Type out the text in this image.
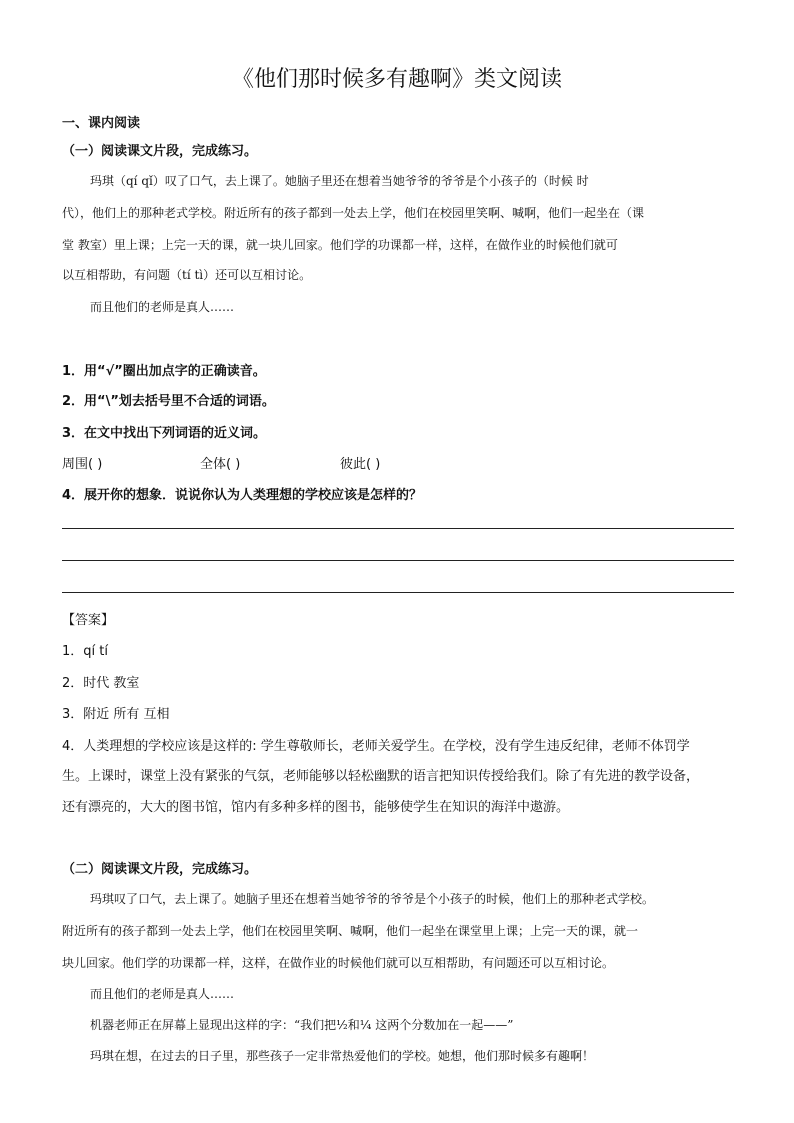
《他们那时候多有趣啊》类文阅读
一、课内阅读
（一）阅读课文片段，完成练习。
玛琪（qí qǐ）叹了口气，去上课了。她脑子里还在想着当她爷爷的爷爷是个小孩子的（时候 时
代），他们上的那种老式学校。附近所有的孩子都到一处去上学，他们在校园里笑啊、喊啊，他们一起坐在（课
堂 教室）里上课；上完一天的课，就一块儿回家。他们学的功课都一样，这样，在做作业的时候他们就可
以互相帮助，有问题（tí tì）还可以互相讨论。
而且他们的老师是真人……
1．用“√”圈出加点字的正确读音。
2．用“\”划去括号里不合适的词语。
3．在文中找出下列词语的近义词。
周围( )	全体( )	彼此( )
4．展开你的想象．说说你认为人类理想的学校应该是怎样的？
【答案】
1．qí tí
2．时代 教室
3．附近 所有 互相
4．人类理想的学校应该是这样的: 学生尊敬师长，老师关爱学生。在学校，没有学生违反纪律，老师不体罚学
生。上课时，课堂上没有紧张的气氛，老师能够以轻松幽默的语言把知识传授给我们。除了有先进的教学设备，
还有漂亮的，大大的图书馆，馆内有多种多样的图书，能够使学生在知识的海洋中遨游。
（二）阅读课文片段，完成练习。
玛琪叹了口气，去上课了。她脑子里还在想着当她爷爷的爷爷是个小孩子的时候，他们上的那种老式学校。
附近所有的孩子都到一处去上学，他们在校园里笑啊、喊啊，他们一起坐在课堂里上课；上完一天的课，就一
块儿回家。他们学的功课都一样，这样，在做作业的时候他们就可以互相帮助，有问题还可以互相讨论。
而且他们的老师是真人……
机器老师正在屏幕上显现出这样的字：“我们把½和¼ 这两个分数加在一起——”
玛琪在想，在过去的日子里，那些孩子一定非常热爱他们的学校。她想，他们那时候多有趣啊！
